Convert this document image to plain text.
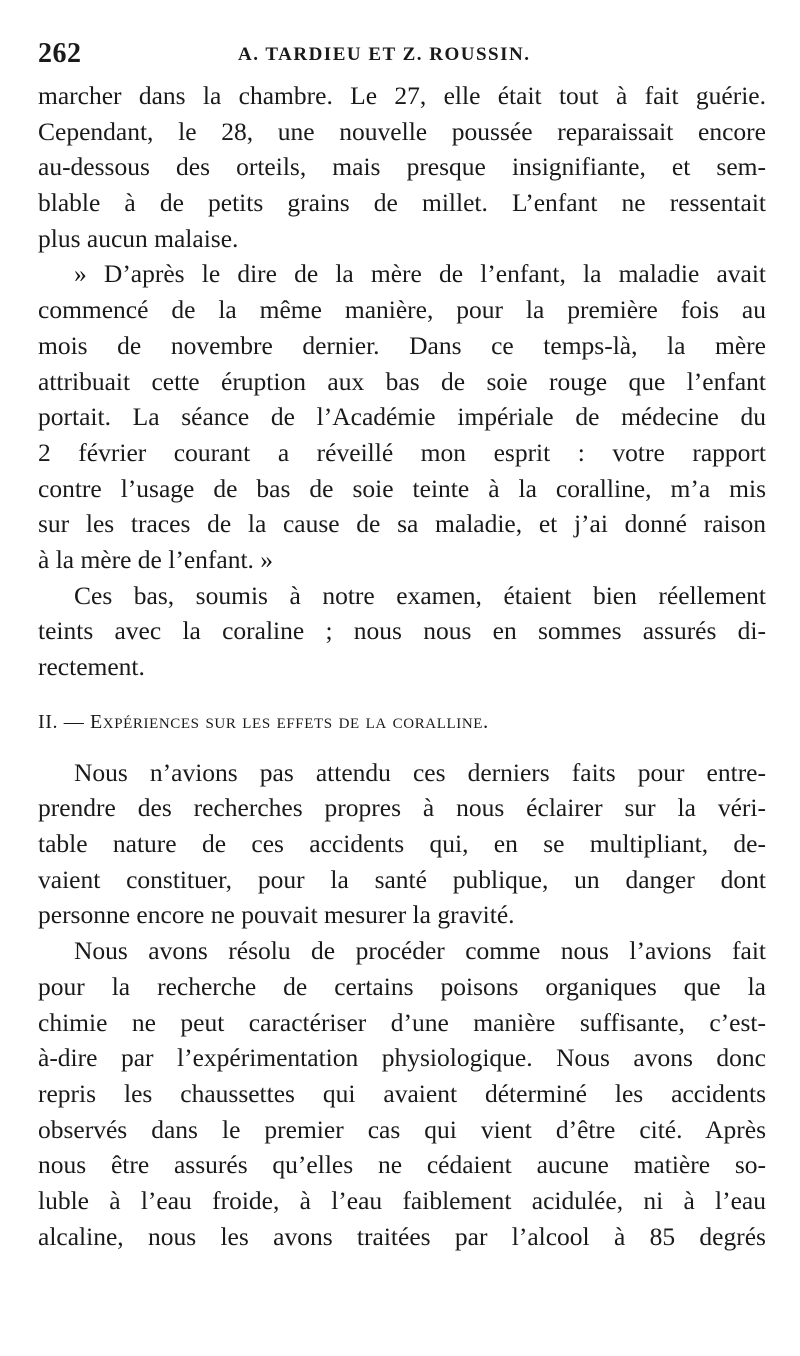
262	A. TARDIEU ET Z. ROUSSIN.
marcher dans la chambre. Le 27, elle était tout à fait guérie.
Cependant, le 28, une nouvelle poussée reparaissait encore
au-dessous des orteils, mais presque insignifiante, et sem-
blable à de petits grains de millet. L’enfant ne ressentait
plus aucun malaise.
» D’après le dire de la mère de l’enfant, la maladie avait
commencé de la même manière, pour la première fois au
mois de novembre dernier. Dans ce temps-là, la mère
attribuait cette éruption aux bas de soie rouge que l’enfant
portait. La séance de l’Académie impériale de médecine du
2 février courant a réveillé mon esprit : votre rapport
contre l’usage de bas de soie teinte à la coralline, m’a mis
sur les traces de la cause de sa maladie, et j’ai donné raison
à la mère de l’enfant. »
Ces bas, soumis à notre examen, étaient bien réellement
teints avec la coraline ; nous nous en sommes assurés di-
rectement.
II. — Expériences sur les effets de la coralline.
Nous n’avions pas attendu ces derniers faits pour entre-
prendre des recherches propres à nous éclairer sur la véri-
table nature de ces accidents qui, en se multipliant, de-
vaient constituer, pour la santé publique, un danger dont
personne encore ne pouvait mesurer la gravité.
Nous avons résolu de procéder comme nous l’avions fait
pour la recherche de certains poisons organiques que la
chimie ne peut caractériser d’une manière suffisante, c’est-
à-dire par l’expérimentation physiologique. Nous avons donc
repris les chaussettes qui avaient déterminé les accidents
observés dans le premier cas qui vient d’être cité. Après
nous être assurés qu’elles ne cédaient aucune matière so-
luble à l’eau froide, à l’eau faiblement acidulée, ni à l’eau
alcaline, nous les avons traitées par l’alcool à 85 degrés
